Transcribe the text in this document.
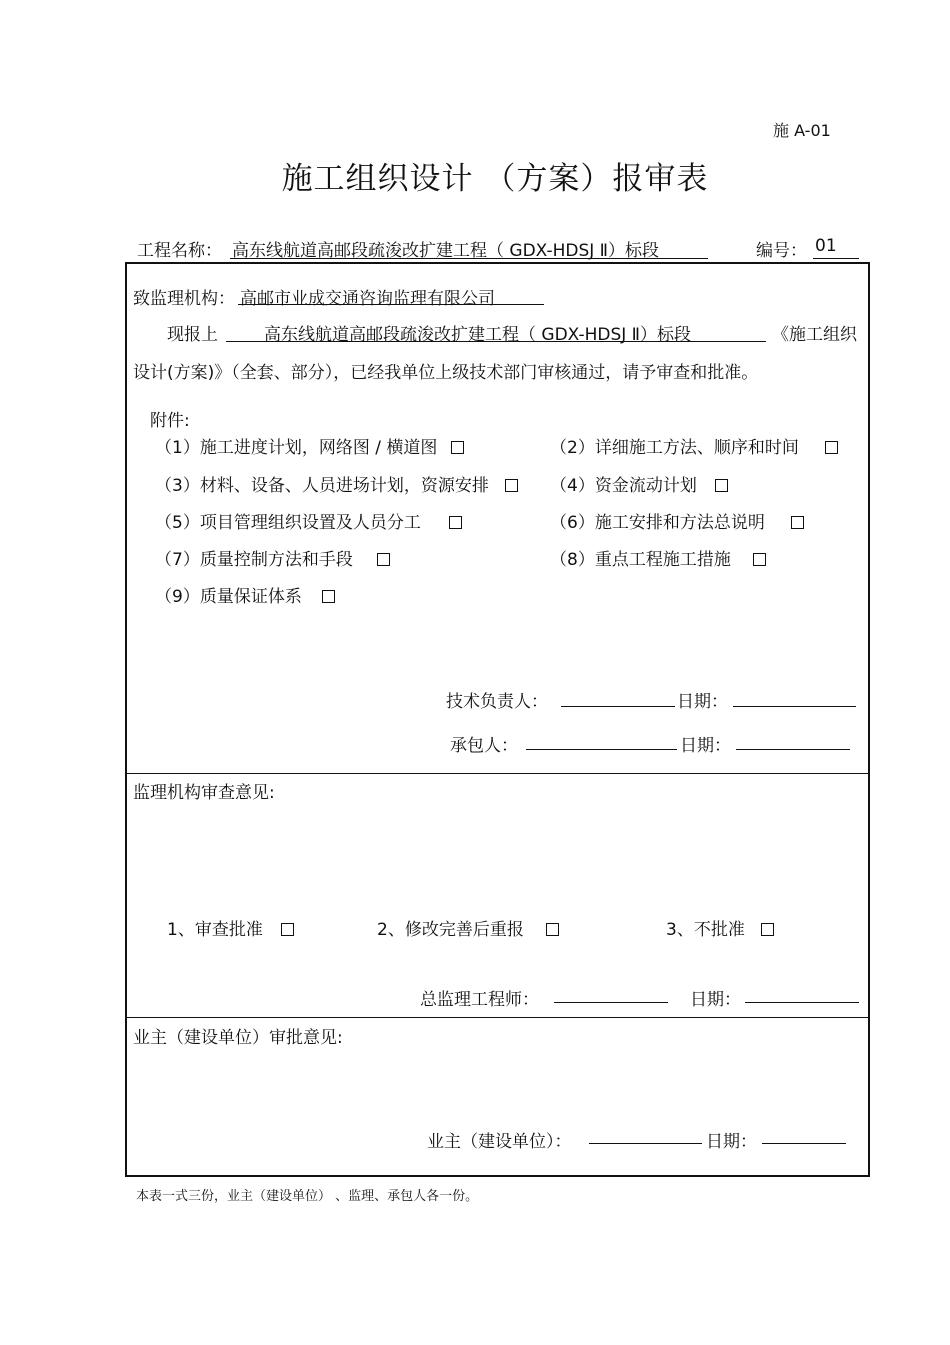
施 A-01
施工组织设计 （方案）报审表
工程名称： 高东线航道高邮段疏浚改扩建工程（ GDX-HDSJ Ⅱ）标段	编号： 01
致监理机构： 高邮市业成交通咨询监理有限公司
现报上	高东线航道高邮段疏浚改扩建工程（ GDX-HDSJ Ⅱ）标段	《施工组织
设计(方案)》（全套、部分），已经我单位上级技术部门审核通过，请予审查和批准。
附件:
（1）施工进度计划，网络图 / 横道图	（2）详细施工方法、顺序和时间
（3）材料、设备、人员进场计划，资源安排	（4）资金流动计划
（5）项目管理组织设置及人员分工	（6）施工安排和方法总说明
（7）质量控制方法和手段	（8）重点工程施工措施
（9）质量保证体系
技术负责人：	日期：
承包人：	日期：
监理机构审查意见:
1、审查批准	2、修改完善后重报	3、不批准
总监理工程师：	日期：
业主（建设单位）审批意见:
业主（建设单位）：	日期：
本表一式三份，业主（建设单位） 、监理、承包人各一份。
